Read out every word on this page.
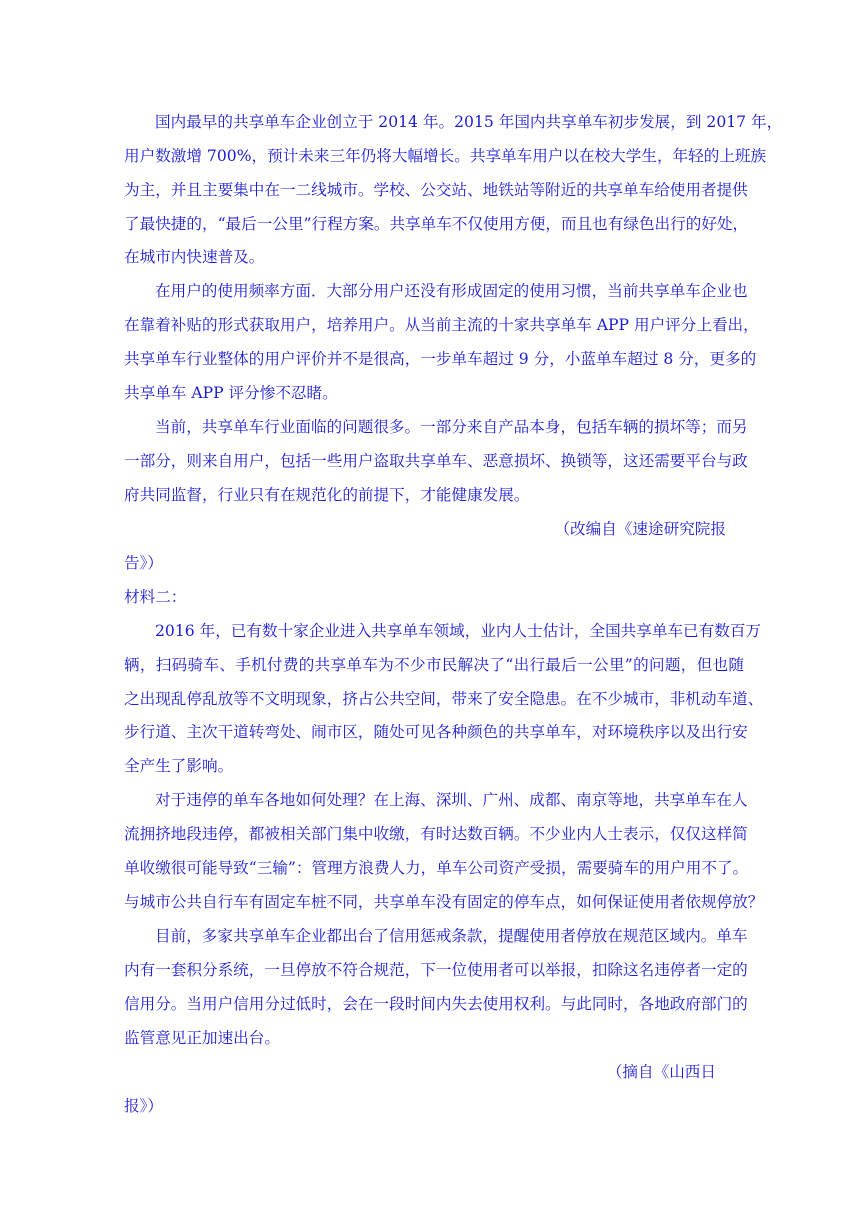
国内最早的共享单车企业创立于 2014 年。2015 年国内共享单车初步发展，到 2017 年，
用户数激增 700%，预计未来三年仍将大幅增长。共享单车用户以在校大学生，年轻的上班族
为主，并且主要集中在一二线城市。学校、公交站、地铁站等附近的共享单车给使用者提供
了最快捷的，“最后一公里”行程方案。共享单车不仅使用方便，而且也有绿色出行的好处，
在城市内快速普及。
在用户的使用频率方面．大部分用户还没有形成固定的使用习惯，当前共享单车企业也
在靠着补贴的形式获取用户，培养用户。从当前主流的十家共享单车 APP 用户评分上看出，
共享单车行业整体的用户评价并不是很高，一步单车超过 9 分，小蓝单车超过 8 分，更多的
共享单车 APP 评分惨不忍睹。
当前，共享单车行业面临的问题很多。一部分来自产品本身，包括车辆的损坏等；而另
一部分，则来自用户，包括一些用户盗取共享单车、恶意损坏、换锁等，这还需要平台与政
府共同监督，行业只有在规范化的前提下，才能健康发展。
（改编自《速途研究院报
告》）
材料二：
2016 年，已有数十家企业进入共享单车领域，业内人士估计，全国共享单车已有数百万
辆，扫码骑车、手机付费的共享单车为不少市民解决了“出行最后一公里”的问题，但也随
之出现乱停乱放等不文明现象，挤占公共空间，带来了安全隐患。在不少城市，非机动车道、
步行道、主次干道转弯处、闹市区，随处可见各种颜色的共享单车，对环境秩序以及出行安
全产生了影响。
对于违停的单车各地如何处理？在上海、深圳、广州、成都、南京等地，共享单车在人
流拥挤地段违停，都被相关部门集中收缴，有时达数百辆。不少业内人士表示，仅仅这样简
单收缴很可能导致“三输”：管理方浪费人力，单车公司资产受损，需要骑车的用户用不了。
与城市公共自行车有固定车桩不同，共享单车没有固定的停车点，如何保证使用者依规停放？
目前，多家共享单车企业都出台了信用惩戒条款，提醒使用者停放在规范区域内。单车
内有一套积分系统，一旦停放不符合规范，下一位使用者可以举报，扣除这名违停者一定的
信用分。当用户信用分过低时，会在一段时间内失去使用权利。与此同时，各地政府部门的
监管意见正加速出台。
（摘自《山西日
报》）
